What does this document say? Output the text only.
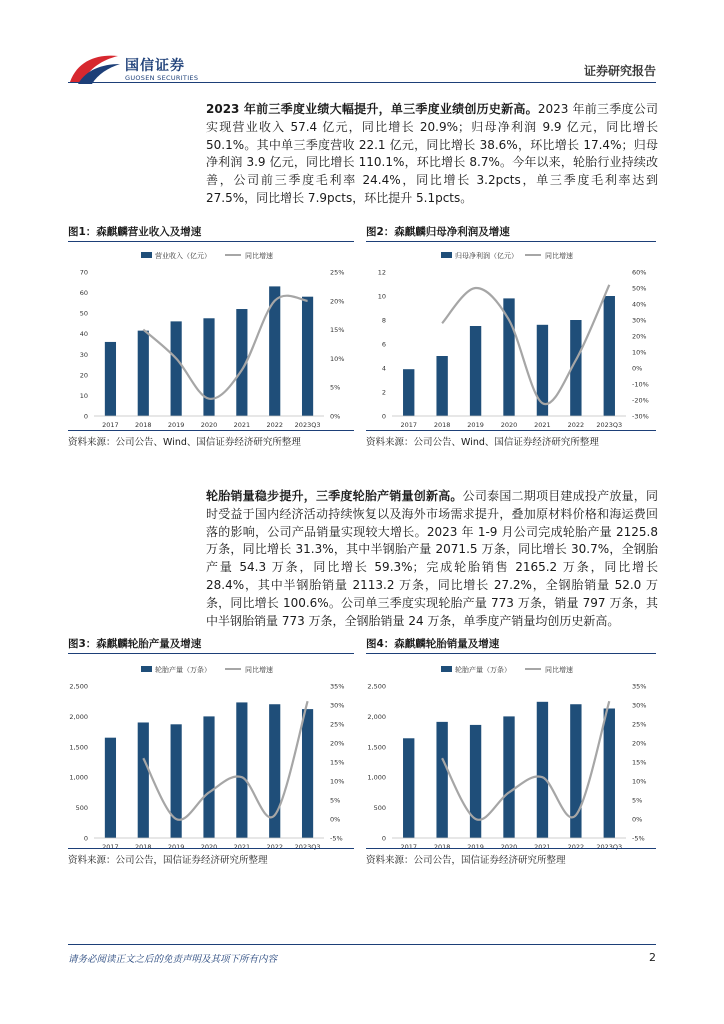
国信证券
GUOSEN SECURITIES	证券研究报告
2023 年前三季度业绩大幅提升，单三季度业绩创历史新高。2023 年前三季度公司实现营业收入 57.4 亿元，同比增长 20.9%；归母净利润 9.9 亿元，同比增长 50.1%。其中单三季度营收 22.1 亿元，同比增长 38.6%，环比增长 17.4%；归母净利润 3.9 亿元，同比增长 110.1%，环比增长 8.7%。今年以来，轮胎行业持续改善，公司前三季度毛利率 24.4%，同比增长 3.2pcts，单三季度毛利率达到 27.5%，同比增长 7.9pcts，环比提升 5.1pcts。
图1：森麒麟营业收入及增速
营业收入（亿元）	同比增速
0
10
20
30
40
50
60
70
0%
5%
10%
15%
20%
25%
2017	2018	2019	2020	2021	2022 2023Q3
资料来源：公司公告、Wind、国信证券经济研究所整理
图2：森麒麟归母净利润及增速
归母净利润（亿元）	同比增速
0
2
4
6
8
10
12
-30%
-20%
-10%
0%
10%
20%
30%
40%
50%
60%
2017	2018	2019	2020	2021	2022 2023Q3
资料来源：公司公告、Wind、国信证券经济研究所整理
轮胎销量稳步提升，三季度轮胎产销量创新高。公司泰国二期项目建成投产放量，同时受益于国内经济活动持续恢复以及海外市场需求提升，叠加原材料价格和海运费回落的影响，公司产品销量实现较大增长。2023 年 1-9 月公司完成轮胎产量 2125.8 万条，同比增长 31.3%，其中半钢胎产量 2071.5 万条，同比增长 30.7%，全钢胎产量 54.3 万条，同比增长 59.3%；完成轮胎销售 2165.2 万条，同比增长 28.4%，其中半钢胎销量 2113.2 万条，同比增长 27.2%，全钢胎销量 52.0 万条，同比增长 100.6%。公司单三季度实现轮胎产量 773 万条，销量 797 万条，其中半钢胎销量 773 万条，全钢胎销量 24 万条，单季度产销量均创历史新高。
图3：森麒麟轮胎产量及增速
轮胎产量（万条）	同比增速
0
500
1,000
1,500
2,000
2,500
-5%
0%
5%
10%
15%
20%
25%
30%
35%
2017	2018	2019	2020	2021	2022 2023Q3
资料来源：公司公告，国信证券经济研究所整理
图4：森麒麟轮胎销量及增速
轮胎产量（万条）	同比增速
0
500
1,000
1,500
2,000
2,500
-5%
0%
5%
10%
15%
20%
25%
30%
35%
2017	2018	2019	2020	2021	2022 2023Q3
资料来源：公司公告，国信证券经济研究所整理
请务必阅读正文之后的免责声明及其项下所有内容	2
